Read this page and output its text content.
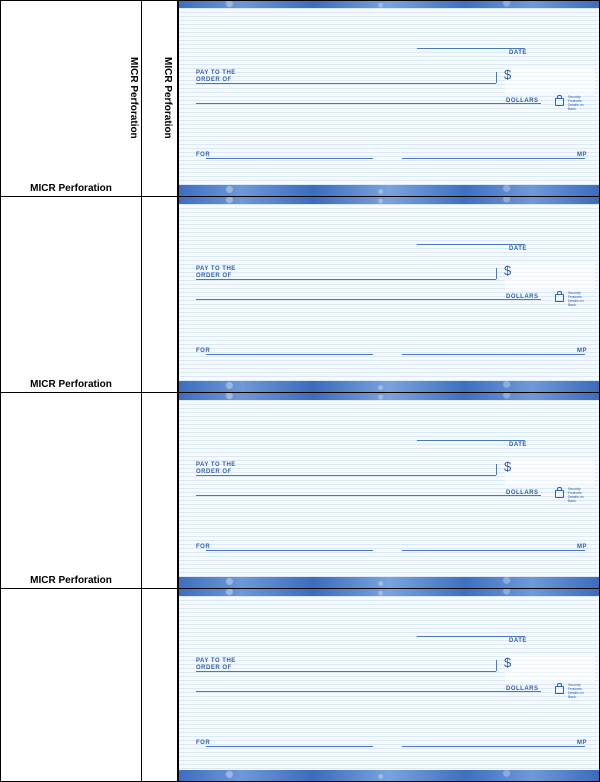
MICR Perforation
MICR Perforation
MICR Perforation
DATE
PAY TO THE
ORDER OF	$
DOLLARS
Security Features Details on Back.
FOR	MP
MICR Perforation
DATE
PAY TO THE
ORDER OF	$
DOLLARS
Security Features Details on Back.
FOR	MP
MICR Perforation
DATE
PAY TO THE
ORDER OF	$
DOLLARS
Security Features Details on Back.
FOR	MP
DATE
PAY TO THE
ORDER OF	$
DOLLARS
Security Features Details on Back.
FOR	MP
